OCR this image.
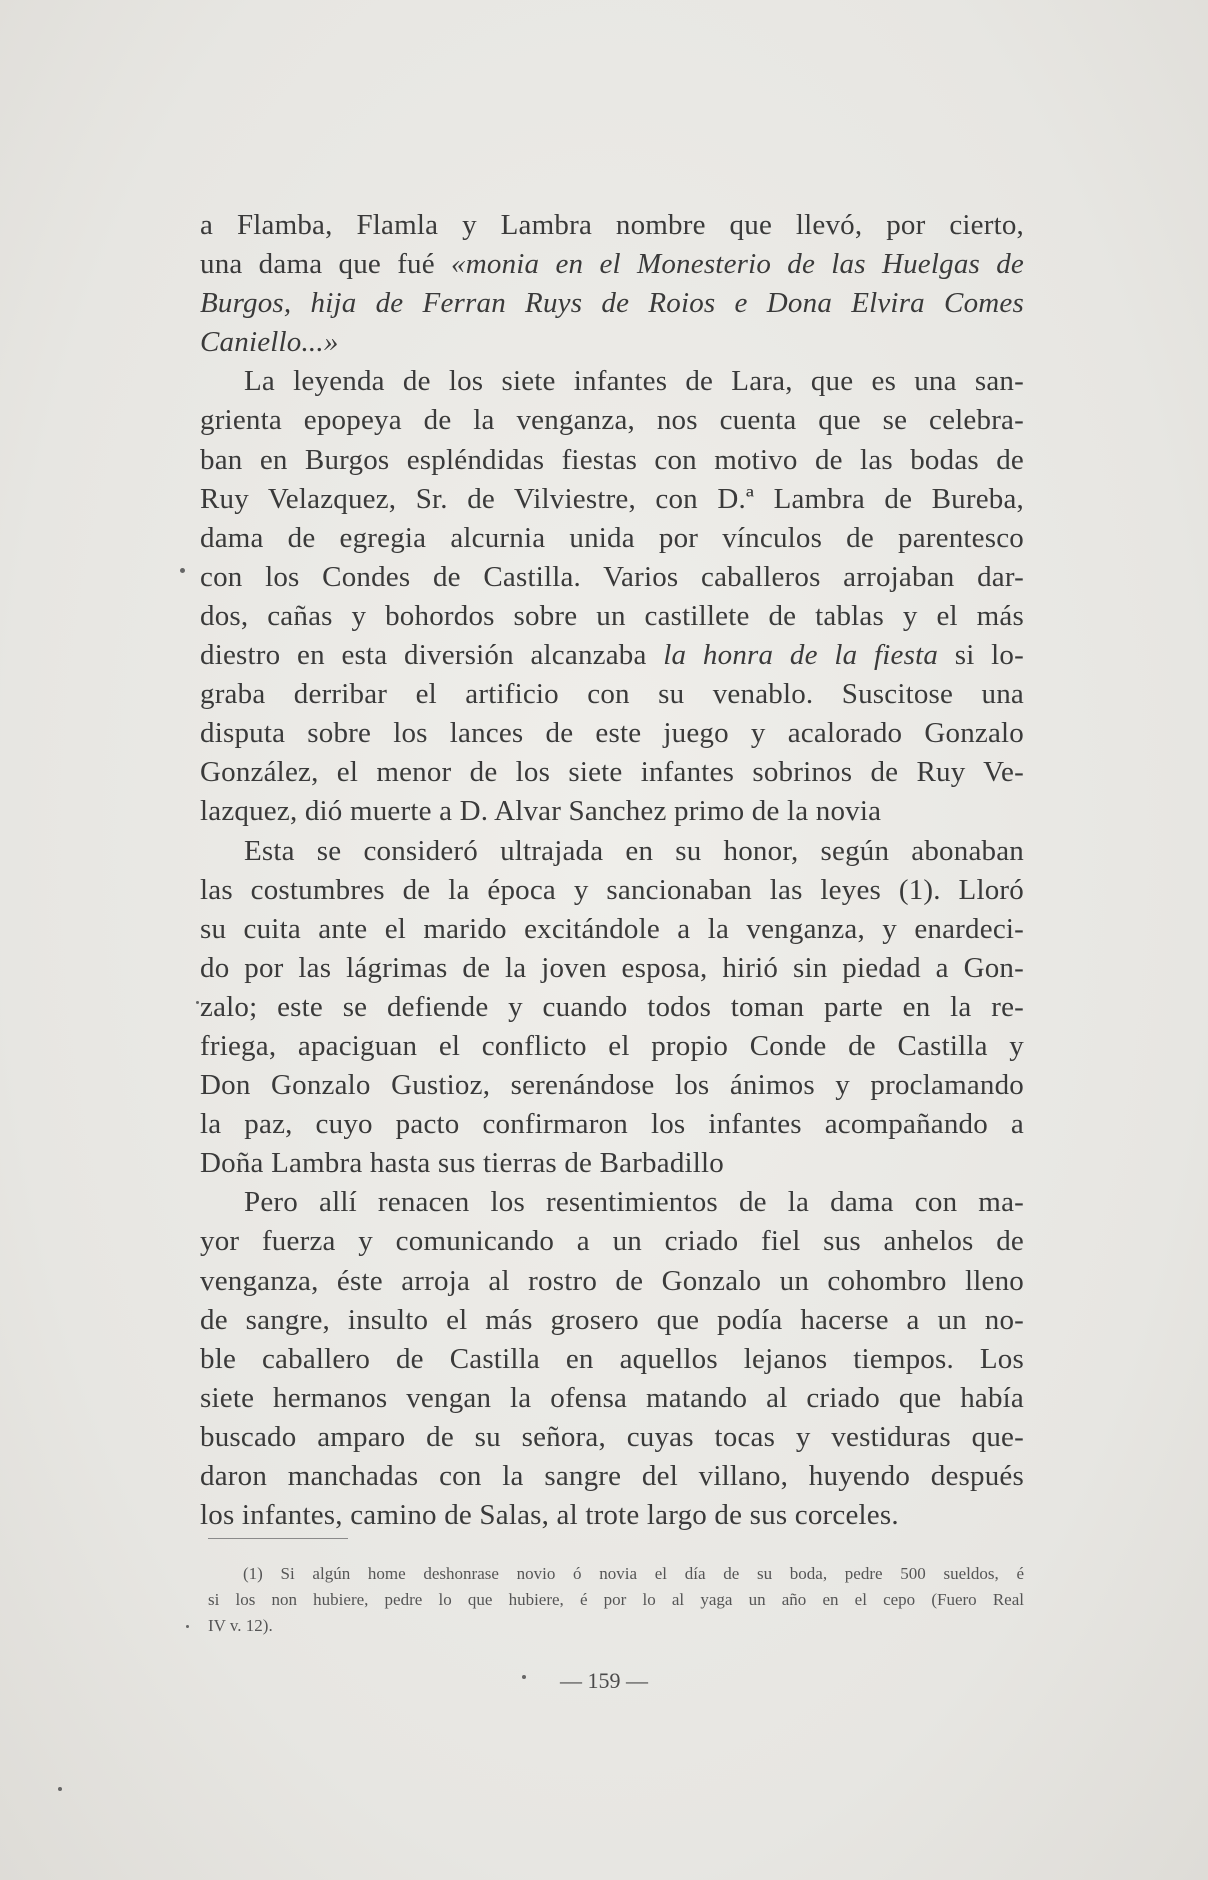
a Flamba, Flamla y Lambra nombre que llevó, por cierto,
una dama que fué «monia en el Monesterio de las Huelgas de
Burgos, hija de Ferran Ruys de Roios e Dona Elvira Comes
Caniello...»
La leyenda de los siete infantes de Lara, que es una san-
grienta epopeya de la venganza, nos cuenta que se celebra-
ban en Burgos espléndidas fiestas con motivo de las bodas de
Ruy Velazquez, Sr. de Vilviestre, con D.ª Lambra de Bureba,
dama de egregia alcurnia unida por vínculos de parentesco
con los Condes de Castilla. Varios caballeros arrojaban dar-
dos, cañas y bohordos sobre un castillete de tablas y el más
diestro en esta diversión alcanzaba la honra de la fiesta si lo-
graba derribar el artificio con su venablo. Suscitose una
disputa sobre los lances de este juego y acalorado Gonzalo
González, el menor de los siete infantes sobrinos de Ruy Ve-
lazquez, dió muerte a D. Alvar Sanchez primo de la novia
Esta se consideró ultrajada en su honor, según abonaban
las costumbres de la época y sancionaban las leyes (1). Lloró
su cuita ante el marido excitándole a la venganza, y enardeci-
do por las lágrimas de la joven esposa, hirió sin piedad a Gon-
zalo; este se defiende y cuando todos toman parte en la re-
friega, apaciguan el conflicto el propio Conde de Castilla y
Don Gonzalo Gustioz, serenándose los ánimos y proclamando
la paz, cuyo pacto confirmaron los infantes acompañando a
Doña Lambra hasta sus tierras de Barbadillo
Pero allí renacen los resentimientos de la dama con ma-
yor fuerza y comunicando a un criado fiel sus anhelos de
venganza, éste arroja al rostro de Gonzalo un cohombro lleno
de sangre, insulto el más grosero que podía hacerse a un no-
ble caballero de Castilla en aquellos lejanos tiempos. Los
siete hermanos vengan la ofensa matando al criado que había
buscado amparo de su señora, cuyas tocas y vestiduras que-
daron manchadas con la sangre del villano, huyendo después
los infantes, camino de Salas, al trote largo de sus corceles.
(1) Si algún home deshonrase novio ó novia el día de su boda, pedre 500 sueldos, é
si los non hubiere, pedre lo que hubiere, é por lo al yaga un año en el cepo (Fuero Real
IV v. 12).
— 159 —
